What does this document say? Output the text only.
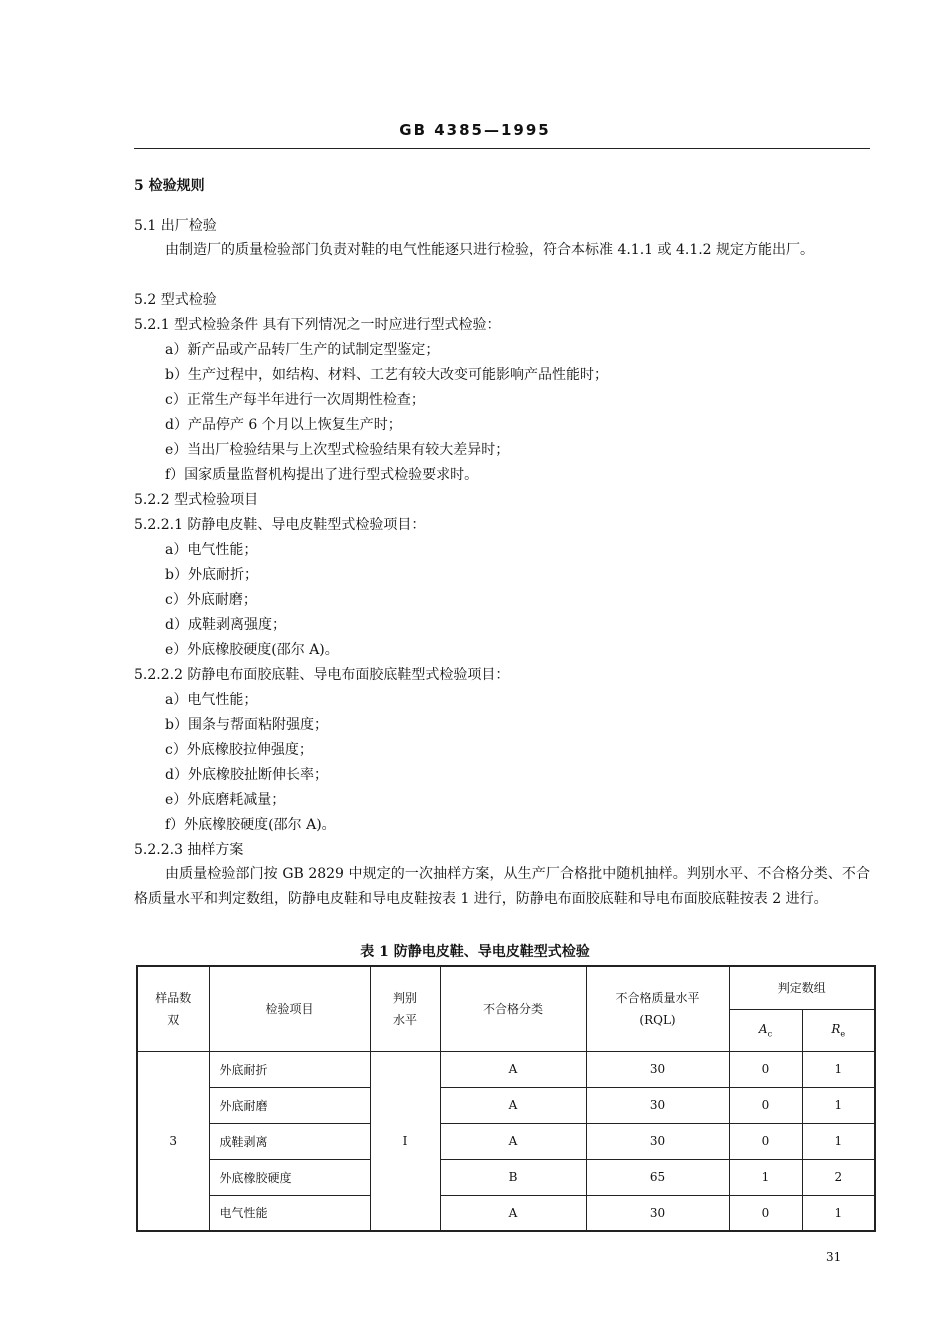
GB 4385—1995
5 检验规则
5.1 出厂检验
由制造厂的质量检验部门负责对鞋的电气性能逐只进行检验，符合本标准 4.1.1 或 4.1.2 规定方能出厂。
5.2 型式检验
5.2.1 型式检验条件 具有下列情况之一时应进行型式检验：
a）新产品或产品转厂生产的试制定型鉴定；
b）生产过程中，如结构、材料、工艺有较大改变可能影响产品性能时；
c）正常生产每半年进行一次周期性检查；
d）产品停产 6 个月以上恢复生产时；
e）当出厂检验结果与上次型式检验结果有较大差异时；
f）国家质量监督机构提出了进行型式检验要求时。
5.2.2 型式检验项目
5.2.2.1 防静电皮鞋、导电皮鞋型式检验项目：
a）电气性能；
b）外底耐折；
c）外底耐磨；
d）成鞋剥离强度；
e）外底橡胶硬度(邵尔 A)。
5.2.2.2 防静电布面胶底鞋、导电布面胶底鞋型式检验项目：
a）电气性能；
b）围条与帮面粘附强度；
c）外底橡胶拉伸强度；
d）外底橡胶扯断伸长率；
e）外底磨耗减量；
f）外底橡胶硬度(邵尔 A)。
5.2.2.3 抽样方案
由质量检验部门按 GB 2829 中规定的一次抽样方案，从生产厂合格批中随机抽样。判别水平、不合格分类、不合格质量水平和判定数组，防静电皮鞋和导电皮鞋按表 1 进行，防静电布面胶底鞋和导电布面胶底鞋按表 2 进行。
表 1 防静电皮鞋、导电皮鞋型式检验
样品数双	检验项目	判别水平	不合格分类	不合格质量水平(RQL)	判定数组	
					$A_c$	$R_e$
3	外底耐折	I	A	30	0	1
	外底耐磨		A	30	0	1
	成鞋剥离		A	30	0	1
	外底橡胶硬度		B	65	1	2
	电气性能		A	30	0	1
31
